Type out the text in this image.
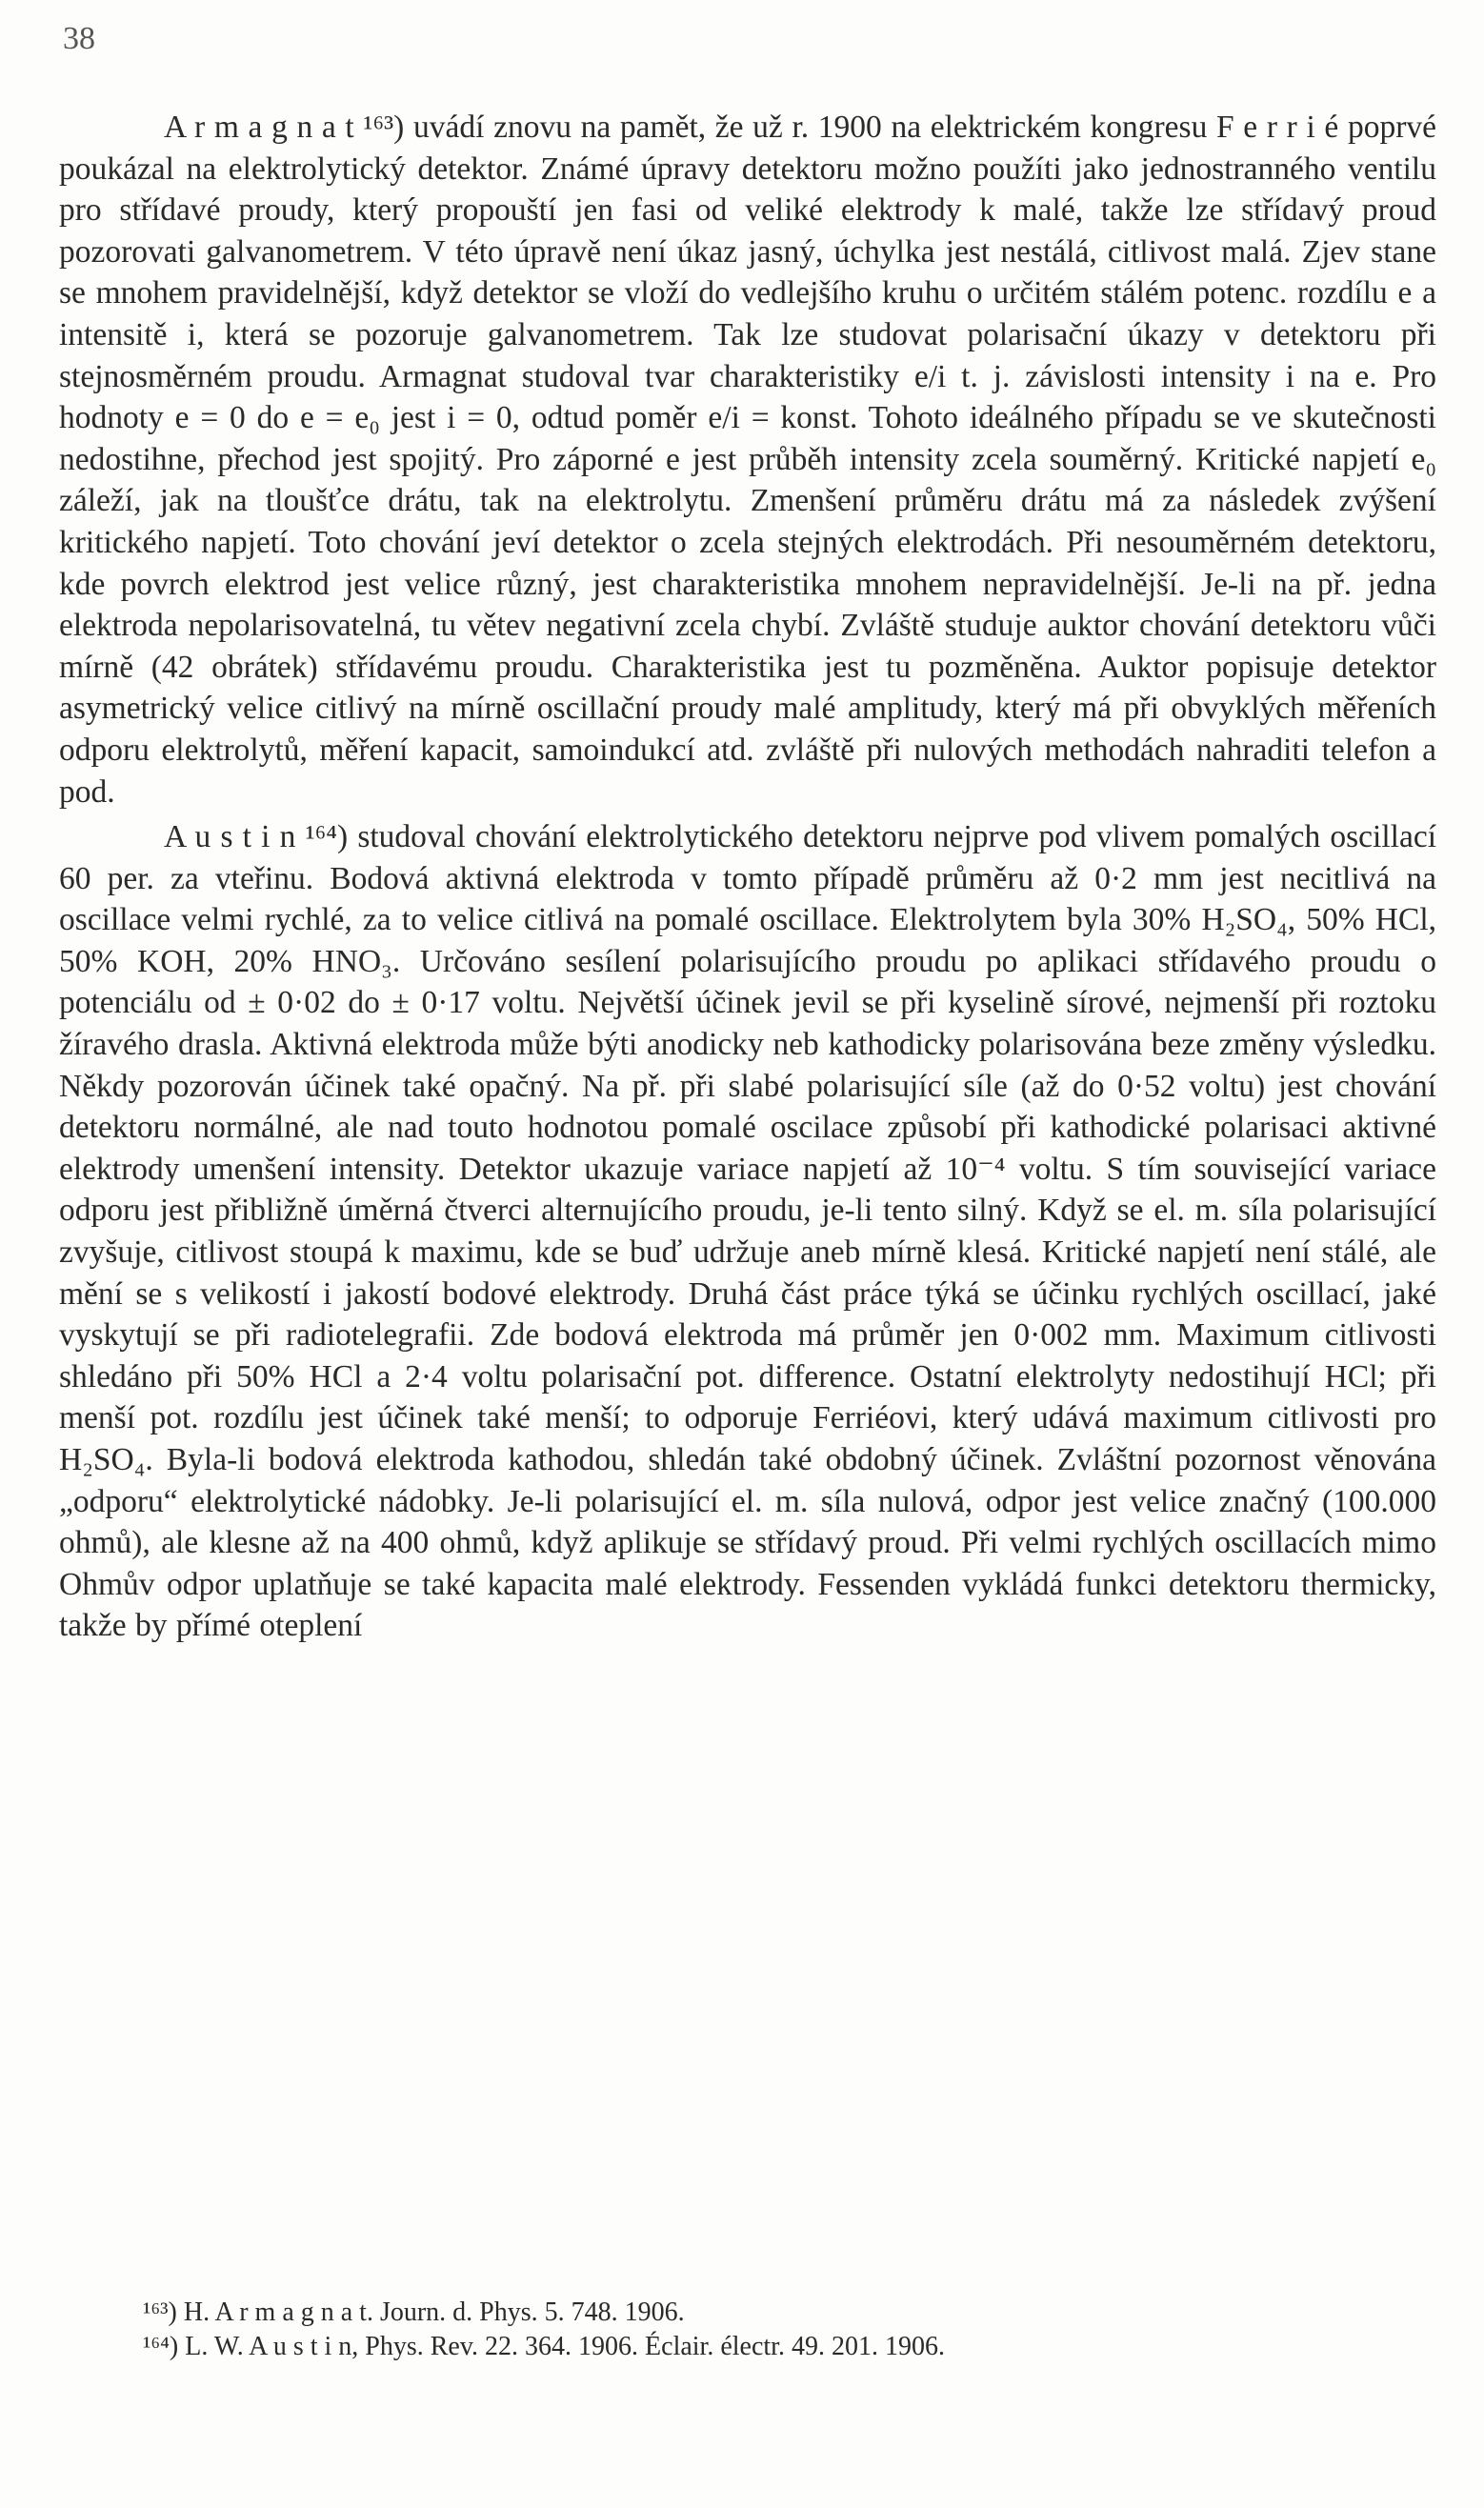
38

A r m a g n a t ¹⁶³) uvádí znovu na pamět, že už r. 1900 na elektrickém kongresu F e r r i é poprvé poukázal na elektrolytický detektor. Známé úpravy detektoru možno použíti jako jednostranného ventilu pro střídavé proudy, který propouští jen fasi od veliké elektrody k malé, takže lze střídavý proud pozorovati galvanometrem. V této úpravě není úkaz jasný, úchylka jest nestálá, citlivost malá. Zjev stane se mnohem pravidelnější, když detektor se vloží do vedlejšího kruhu o určitém stálém potenc. rozdílu e a intensitě i, která se pozoruje galvanometrem. Tak lze studovat polarisační úkazy v detektoru při stejnosměrném proudu. Armagnat studoval tvar charakteristiky e/i t. j. závislosti intensity i na e. Pro hodnoty e = 0 do e = e₀ jest i = 0, odtud poměr e/i = konst. Tohoto ideálného případu se ve skutečnosti nedostihne, přechod jest spojitý. Pro záporné e jest průběh intensity zcela souměrný. Kritické napjetí e₀ záleží, jak na tloušťce drátu, tak na elektrolytu. Zmenšení průměru drátu má za následek zvýšení kritického napjetí. Toto chování jeví detektor o zcela stejných elektrodách. Při nesouměrném detektoru, kde povrch elektrod jest velice různý, jest charakteristika mnohem nepravidelnější. Je-li na př. jedna elektroda nepolarisovatelná, tu větev negativní zcela chybí. Zvláště studuje auktor chování detektoru vůči mírně (42 obrátek) střídavému proudu. Charakteristika jest tu pozměněna. Auktor popisuje detektor asymetrický velice citlivý na mírně oscillační proudy malé amplitudy, který má při obvyklých měřeních odporu elektrolytů, měření kapacit, samoindukcí atd. zvláště při nulových methodách nahraditi telefon a pod.

A u s t i n ¹⁶⁴) studoval chování elektrolytického detektoru nejprve pod vlivem pomalých oscillací 60 per. za vteřinu. Bodová aktivná elektroda v tomto případě průměru až 0·2 mm jest necitlivá na oscillace velmi rychlé, za to velice citlivá na pomalé oscillace. Elektrolytem byla 30% H₂SO₄, 50% HCl, 50% KOH, 20% HNO₃. Určováno sesílení polarisujícího proudu po aplikaci střídavého proudu o potenciálu od ± 0·02 do ± 0·17 voltu. Největší účinek jevil se při kyselině sírové, nejmenší při roztoku žíravého drasla. Aktivná elektroda může býti anodicky neb kathodicky polarisována beze změny výsledku. Někdy pozorován účinek také opačný. Na př. při slabé polarisující síle (až do 0·52 voltu) jest chování detektoru normálné, ale nad touto hodnotou pomalé oscilace způsobí při kathodické polarisaci aktivné elektrody umenšení intensity. Detektor ukazuje variace napjetí až 10⁻⁴ voltu. S tím související variace odporu jest přibližně úměrná čtverci alternujícího proudu, je-li tento silný. Když se el. m. síla polarisující zvyšuje, citlivost stoupá k maximu, kde se buď udržuje aneb mírně klesá. Kritické napjetí není stálé, ale mění se s velikostí i jakostí bodové elektrody. Druhá část práce týká se účinku rychlých oscillací, jaké vyskytují se při radiotelegrafii. Zde bodová elektroda má průměr jen 0·002 mm. Maximum citlivosti shledáno při 50% HCl a 2·4 voltu polarisační pot. difference. Ostatní elektrolyty nedostihují HCl; při menší pot. rozdílu jest účinek také menší; to odporuje Ferriéovi, který udává maximum citlivosti pro H₂SO₄. Byla-li bodová elektroda kathodou, shledán také obdobný účinek. Zvláštní pozornost věnována „odporu“ elektrolytické nádobky. Je-li polarisující el. m. síla nulová, odpor jest velice značný (100.000 ohmů), ale klesne až na 400 ohmů, když aplikuje se střídavý proud. Při velmi rychlých oscillacích mimo Ohmův odpor uplatňuje se také kapacita malé elektrody. Fessenden vykládá funkci detektoru thermicky, takže by přímé oteplení

¹⁶³) H. A r m a g n a t. Journ. d. Phys. 5. 748. 1906.

¹⁶⁴) L. W. A u s t i n, Phys. Rev. 22. 364. 1906. Éclair. électr. 49. 201. 1906.
